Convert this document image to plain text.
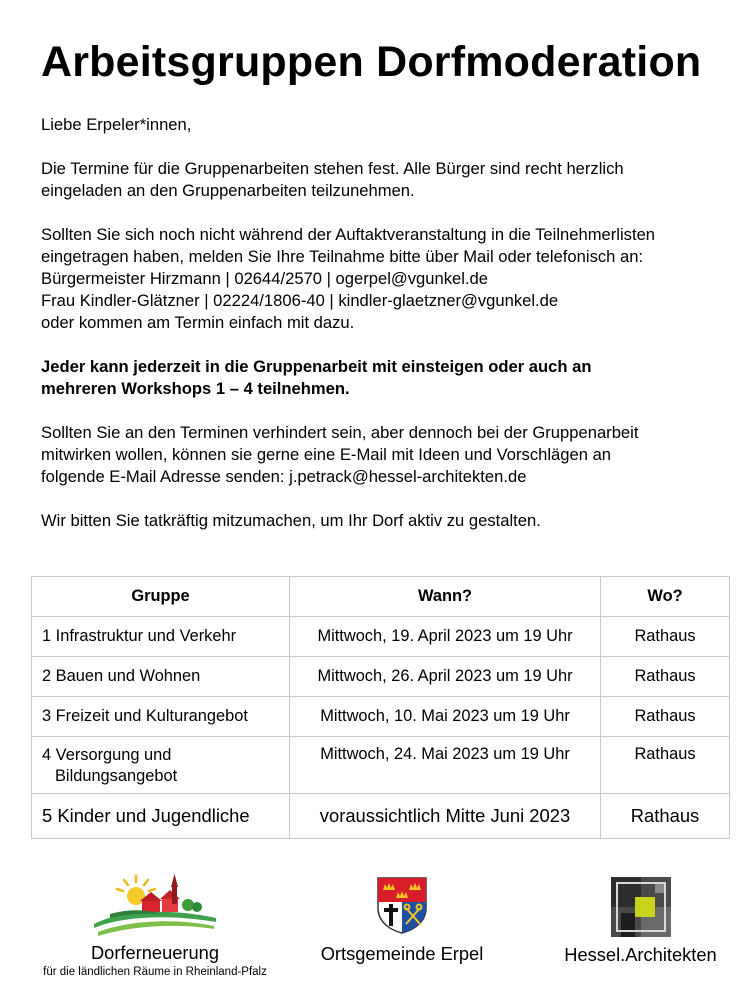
Arbeitsgruppen Dorfmoderation

Liebe Erpeler*innen,

Die Termine für die Gruppenarbeiten stehen fest. Alle Bürger sind recht herzlich
eingeladen an den Gruppenarbeiten teilzunehmen.

Sollten Sie sich noch nicht während der Auftaktveranstaltung in die Teilnehmerlisten
eingetragen haben, melden Sie Ihre Teilnahme bitte über Mail oder telefonisch an:
Bürgermeister Hirzmann | 02644/2570 | ogerpel@vgunkel.de
Frau Kindler-Glätzner | 02224/1806-40 | kindler-glaetzner@vgunkel.de
oder kommen am Termin einfach mit dazu.

Jeder kann jederzeit in die Gruppenarbeit mit einsteigen oder auch an
mehreren Workshops 1 – 4 teilnehmen.

Sollten Sie an den Terminen verhindert sein, aber dennoch bei der Gruppenarbeit
mitwirken wollen, können sie gerne eine E-Mail mit Ideen und Vorschlägen an
folgende E-Mail Adresse senden: j.petrack@hessel-architekten.de

Wir bitten Sie tatkräftig mitzumachen, um Ihr Dorf aktiv zu gestalten.

Gruppe	Wann?	Wo?
1 Infrastruktur und Verkehr	Mittwoch, 19. April 2023 um 19 Uhr	Rathaus
2 Bauen und Wohnen	Mittwoch, 26. April 2023 um 19 Uhr	Rathaus
3 Freizeit und Kulturangebot	Mittwoch, 10. Mai 2023 um 19 Uhr	Rathaus
4 Versorgung und
Bildungsangebot	Mittwoch, 24. Mai 2023 um 19 Uhr	Rathaus
5 Kinder und Jugendliche	voraussichtlich Mitte Juni 2023	Rathaus
Dorferneuerung
für die ländlichen Räume in Rheinland-Pfalz
Ortsgemeinde Erpel	Hessel.Architekten
